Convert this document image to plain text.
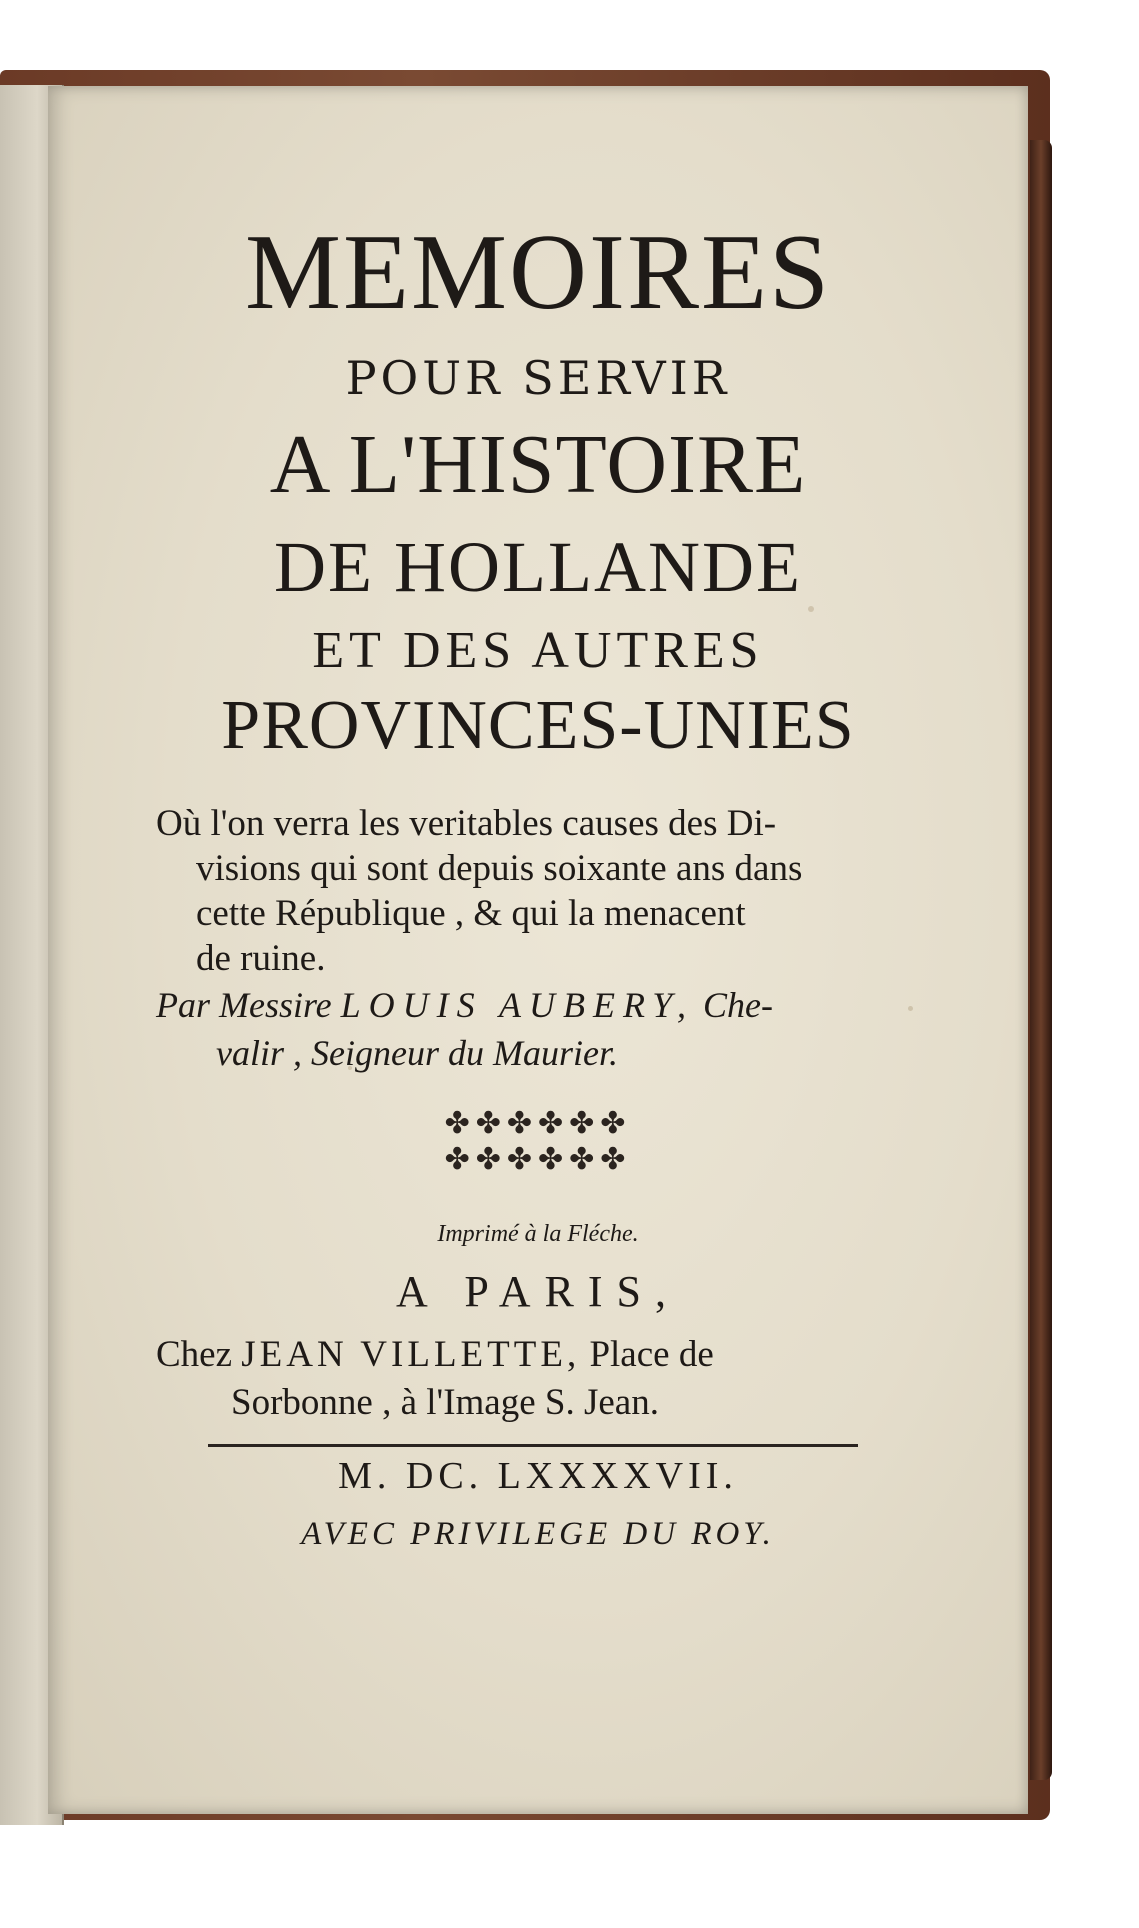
MEMOIRES
POUR SERVIR
A L'HISTOIRE
DE HOLLANDE
ET DES AUTRES
PROVINCES-UNIES
Où l'on verra les veritables causes des Di-
visions qui sont depuis soixante ans dans
cette République , & qui la menacent
de ruine.
Par Messire LOUIS AUBERY, Che-
valir , Seigneur du Maurier.
✤✤✤✤✤✤
✤✤✤✤✤✤
Imprimé à la Fléche.
A PARIS,
Chez JEAN VILLETTE, Place de
Sorbonne , à l'Image S. Jean.
M. DC. LXXXXVII.
AVEC PRIVILEGE DU ROY.
